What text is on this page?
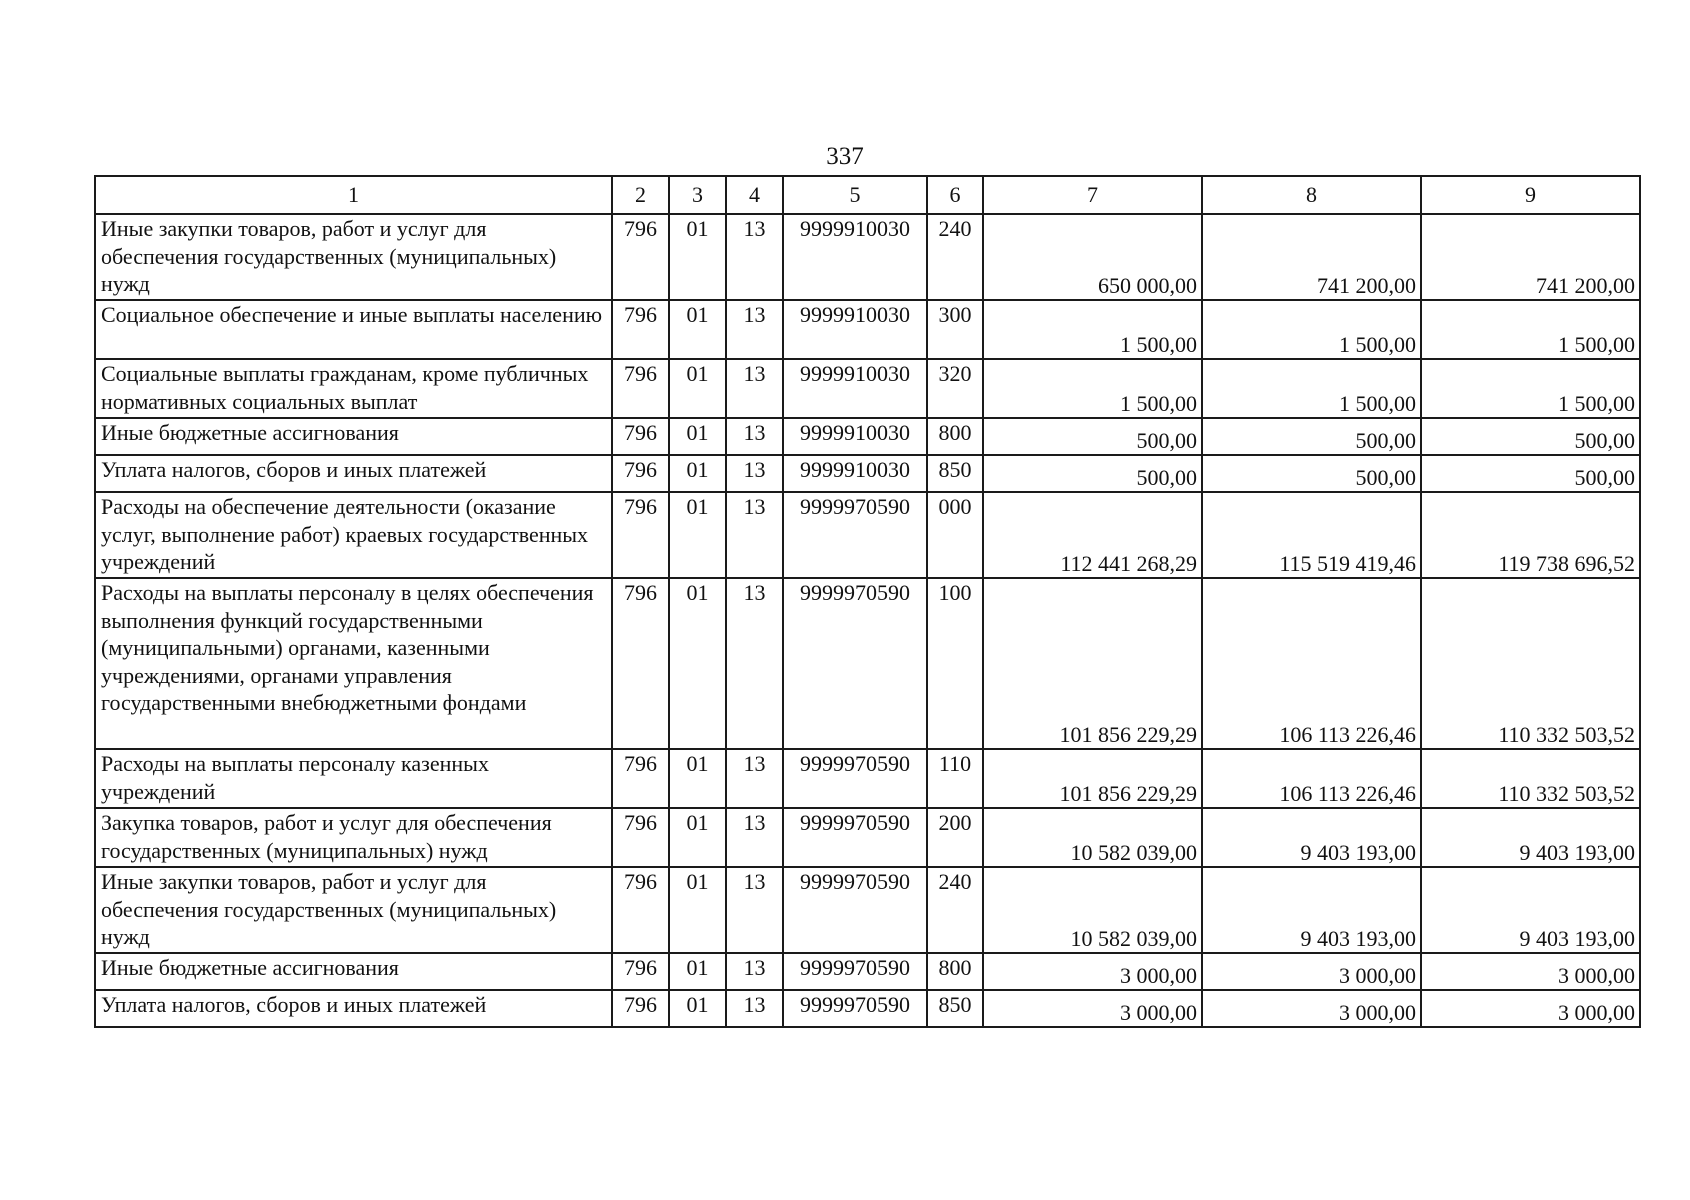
337
1	2	3	4	5	6	7	8	9
Иные закупки товаров, работ и услуг для обеспечения государственных (муниципальных) нужд	796	01	13	9999910030	240	650 000,00	741 200,00	741 200,00
Социальное обеспечение и иные выплаты населению	796	01	13	9999910030	300	1 500,00	1 500,00	1 500,00
Социальные выплаты гражданам, кроме публичных нормативных социальных выплат	796	01	13	9999910030	320	1 500,00	1 500,00	1 500,00
Иные бюджетные ассигнования	796	01	13	9999910030	800	500,00	500,00	500,00
Уплата налогов, сборов и иных платежей	796	01	13	9999910030	850	500,00	500,00	500,00
Расходы на обеспечение деятельности (оказание услуг, выполнение работ) краевых государственных учреждений	796	01	13	9999970590	000	112 441 268,29	115 519 419,46	119 738 696,52
Расходы на выплаты персоналу в целях обеспечения выполнения функций государственными (муниципальными) органами, казенными учреждениями, органами управления государственными внебюджетными фондами	796	01	13	9999970590	100	101 856 229,29	106 113 226,46	110 332 503,52
Расходы на выплаты персоналу казенных учреждений	796	01	13	9999970590	110	101 856 229,29	106 113 226,46	110 332 503,52
Закупка товаров, работ и услуг для обеспечения государственных (муниципальных) нужд	796	01	13	9999970590	200	10 582 039,00	9 403 193,00	9 403 193,00
Иные закупки товаров, работ и услуг для обеспечения государственных (муниципальных) нужд	796	01	13	9999970590	240	10 582 039,00	9 403 193,00	9 403 193,00
Иные бюджетные ассигнования	796	01	13	9999970590	800	3 000,00	3 000,00	3 000,00
Уплата налогов, сборов и иных платежей	796	01	13	9999970590	850	3 000,00	3 000,00	3 000,00
